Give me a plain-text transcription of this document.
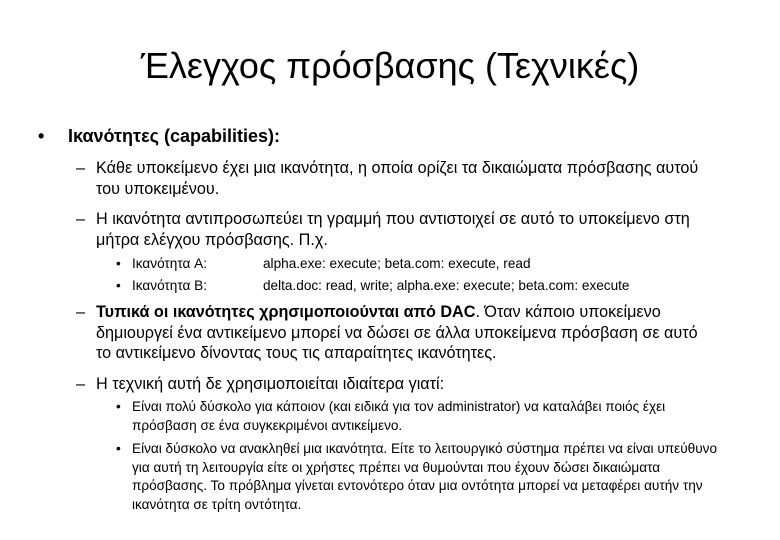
Έλεγχος πρόσβασης (Τεχνικές)
• Ικανότητες (capabilities):
– Κάθε υποκείμενο έχει μια ικανότητα, η οποία ορίζει τα δικαιώματα πρόσβασης αυτού του υποκειμένου.
– Η ικανότητα αντιπροσωπεύει τη γραμμή που αντιστοιχεί σε αυτό το υποκείμενο στη μήτρα ελέγχου πρόσβασης. Π.χ.
• Ικανότητα A:	alpha.exe: execute; beta.com: execute, read
• Ικανότητα B:	delta.doc: read, write; alpha.exe: execute; beta.com: execute
– Τυπικά οι ικανότητες χρησιμοποιούνται από DAC. Όταν κάποιο υποκείμενο δημιουργεί ένα αντικείμενο μπορεί να δώσει σε άλλα υποκείμενα πρόσβαση σε αυτό το αντικείμενο δίνοντας τους τις απαραίτητες ικανότητες.
– Η τεχνική αυτή δε χρησιμοποιείται ιδιαίτερα γιατί:
• Είναι πολύ δύσκολο για κάποιον (και ειδικά για τον administrator) να καταλάβει ποιός έχει πρόσβαση σε ένα συγκεκριμένοι αντικείμενο.
• Είναι δύσκολο να ανακληθεί μια ικανότητα. Είτε το λειτουργικό σύστημα πρέπει να είναι υπεύθυνο για αυτή τη λειτουργία είτε οι χρήστες πρέπει να θυμούνται που έχουν δώσει δικαιώματα πρόσβασης. Το πρόβλημα γίνεται εντονότερο όταν μια οντότητα μπορεί να μεταφέρει αυτήν την ικανότητα σε τρίτη οντότητα.
